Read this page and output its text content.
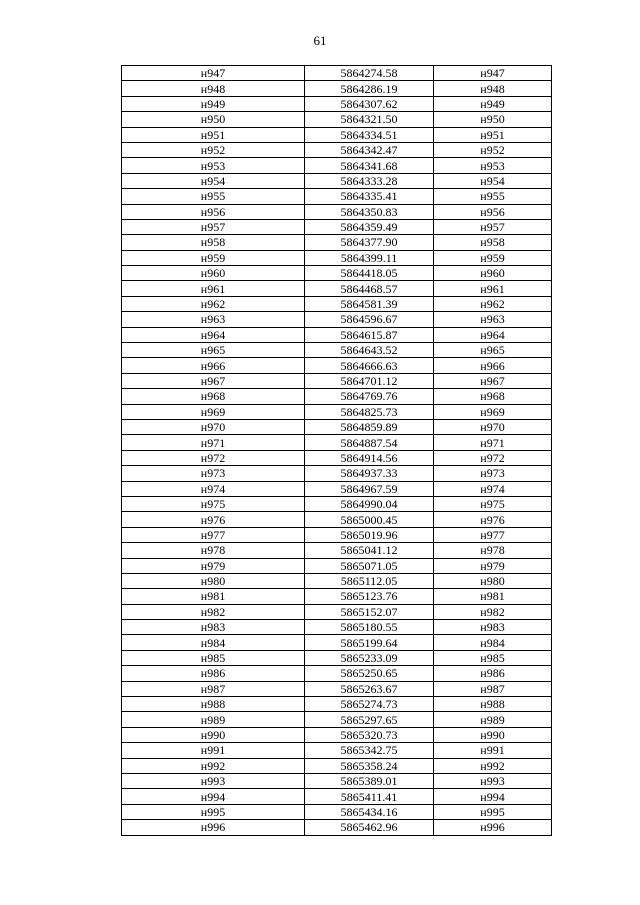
61
н947	5864274.58	н947
н948	5864286.19	н948
н949	5864307.62	н949
н950	5864321.50	н950
н951	5864334.51	н951
н952	5864342.47	н952
н953	5864341.68	н953
н954	5864333.28	н954
н955	5864335.41	н955
н956	5864350.83	н956
н957	5864359.49	н957
н958	5864377.90	н958
н959	5864399.11	н959
н960	5864418.05	н960
н961	5864468.57	н961
н962	5864581.39	н962
н963	5864596.67	н963
н964	5864615.87	н964
н965	5864643.52	н965
н966	5864666.63	н966
н967	5864701.12	н967
н968	5864769.76	н968
н969	5864825.73	н969
н970	5864859.89	н970
н971	5864887.54	н971
н972	5864914.56	н972
н973	5864937.33	н973
н974	5864967.59	н974
н975	5864990.04	н975
н976	5865000.45	н976
н977	5865019.96	н977
н978	5865041.12	н978
н979	5865071.05	н979
н980	5865112.05	н980
н981	5865123.76	н981
н982	5865152.07	н982
н983	5865180.55	н983
н984	5865199.64	н984
н985	5865233.09	н985
н986	5865250.65	н986
н987	5865263.67	н987
н988	5865274.73	н988
н989	5865297.65	н989
н990	5865320.73	н990
н991	5865342.75	н991
н992	5865358.24	н992
н993	5865389.01	н993
н994	5865411.41	н994
н995	5865434.16	н995
н996	5865462.96	н996
